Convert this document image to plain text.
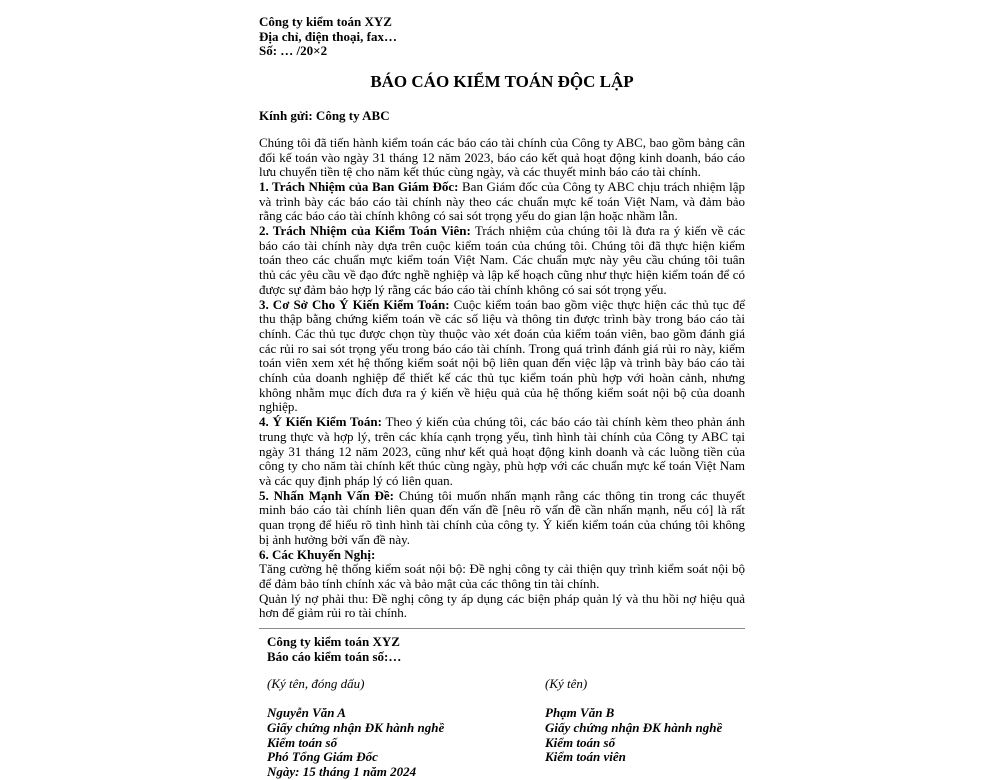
Công ty kiểm toán XYZ
Địa chỉ, điện thoại, fax…
Số: … /20×2
BÁO CÁO KIỂM TOÁN ĐỘC LẬP
Kính gửi: Công ty ABC

Chúng tôi đã tiến hành kiểm toán các báo cáo tài chính của Công ty ABC, bao gồm bảng cân đối kế toán vào ngày 31 tháng 12 năm 2023, báo cáo kết quả hoạt động kinh doanh, báo cáo lưu chuyển tiền tệ cho năm kết thúc cùng ngày, và các thuyết minh báo cáo tài chính.

1. Trách Nhiệm của Ban Giám Đốc: Ban Giám đốc của Công ty ABC chịu trách nhiệm lập và trình bày các báo cáo tài chính này theo các chuẩn mực kế toán Việt Nam, và đảm bảo rằng các báo cáo tài chính không có sai sót trọng yếu do gian lận hoặc nhầm lẫn.

2. Trách Nhiệm của Kiểm Toán Viên: Trách nhiệm của chúng tôi là đưa ra ý kiến về các báo cáo tài chính này dựa trên cuộc kiểm toán của chúng tôi. Chúng tôi đã thực hiện kiểm toán theo các chuẩn mực kiểm toán Việt Nam. Các chuẩn mực này yêu cầu chúng tôi tuân thủ các yêu cầu về đạo đức nghề nghiệp và lập kế hoạch cũng như thực hiện kiểm toán để có được sự đảm bảo hợp lý rằng các báo cáo tài chính không có sai sót trọng yếu.

3. Cơ Sở Cho Ý Kiến Kiểm Toán: Cuộc kiểm toán bao gồm việc thực hiện các thủ tục để thu thập bằng chứng kiểm toán về các số liệu và thông tin được trình bày trong báo cáo tài chính. Các thủ tục được chọn tùy thuộc vào xét đoán của kiểm toán viên, bao gồm đánh giá các rủi ro sai sót trọng yếu trong báo cáo tài chính. Trong quá trình đánh giá rủi ro này, kiểm toán viên xem xét hệ thống kiểm soát nội bộ liên quan đến việc lập và trình bày báo cáo tài chính của doanh nghiệp để thiết kế các thủ tục kiểm toán phù hợp với hoàn cảnh, nhưng không nhằm mục đích đưa ra ý kiến về hiệu quả của hệ thống kiểm soát nội bộ của doanh nghiệp.

4. Ý Kiến Kiểm Toán: Theo ý kiến của chúng tôi, các báo cáo tài chính kèm theo phản ánh trung thực và hợp lý, trên các khía cạnh trọng yếu, tình hình tài chính của Công ty ABC tại ngày 31 tháng 12 năm 2023, cũng như kết quả hoạt động kinh doanh và các luồng tiền của công ty cho năm tài chính kết thúc cùng ngày, phù hợp với các chuẩn mực kế toán Việt Nam và các quy định pháp lý có liên quan.

5. Nhấn Mạnh Vấn Đề: Chúng tôi muốn nhấn mạnh rằng các thông tin trong các thuyết minh báo cáo tài chính liên quan đến vấn đề [nêu rõ vấn đề cần nhấn mạnh, nếu có] là rất quan trọng để hiểu rõ tình hình tài chính của công ty. Ý kiến kiểm toán của chúng tôi không bị ảnh hưởng bởi vấn đề này.

6. Các Khuyến Nghị:

Tăng cường hệ thống kiểm soát nội bộ: Đề nghị công ty cải thiện quy trình kiểm soát nội bộ để đảm bảo tính chính xác và bảo mật của các thông tin tài chính.

Quản lý nợ phải thu: Đề nghị công ty áp dụng các biện pháp quản lý và thu hồi nợ hiệu quả hơn để giảm rủi ro tài chính.

Công ty kiểm toán XYZ
Báo cáo kiểm toán số:…
(Ký tên, đóng dấu)
Nguyễn Văn A
Giấy chứng nhận ĐK hành nghề
Kiểm toán số
Phó Tổng Giám Đốc
Ngày: 15 tháng 1 năm 2024
(Ký tên)
Phạm Văn B
Giấy chứng nhận ĐK hành nghề
Kiểm toán số
Kiểm toán viên
